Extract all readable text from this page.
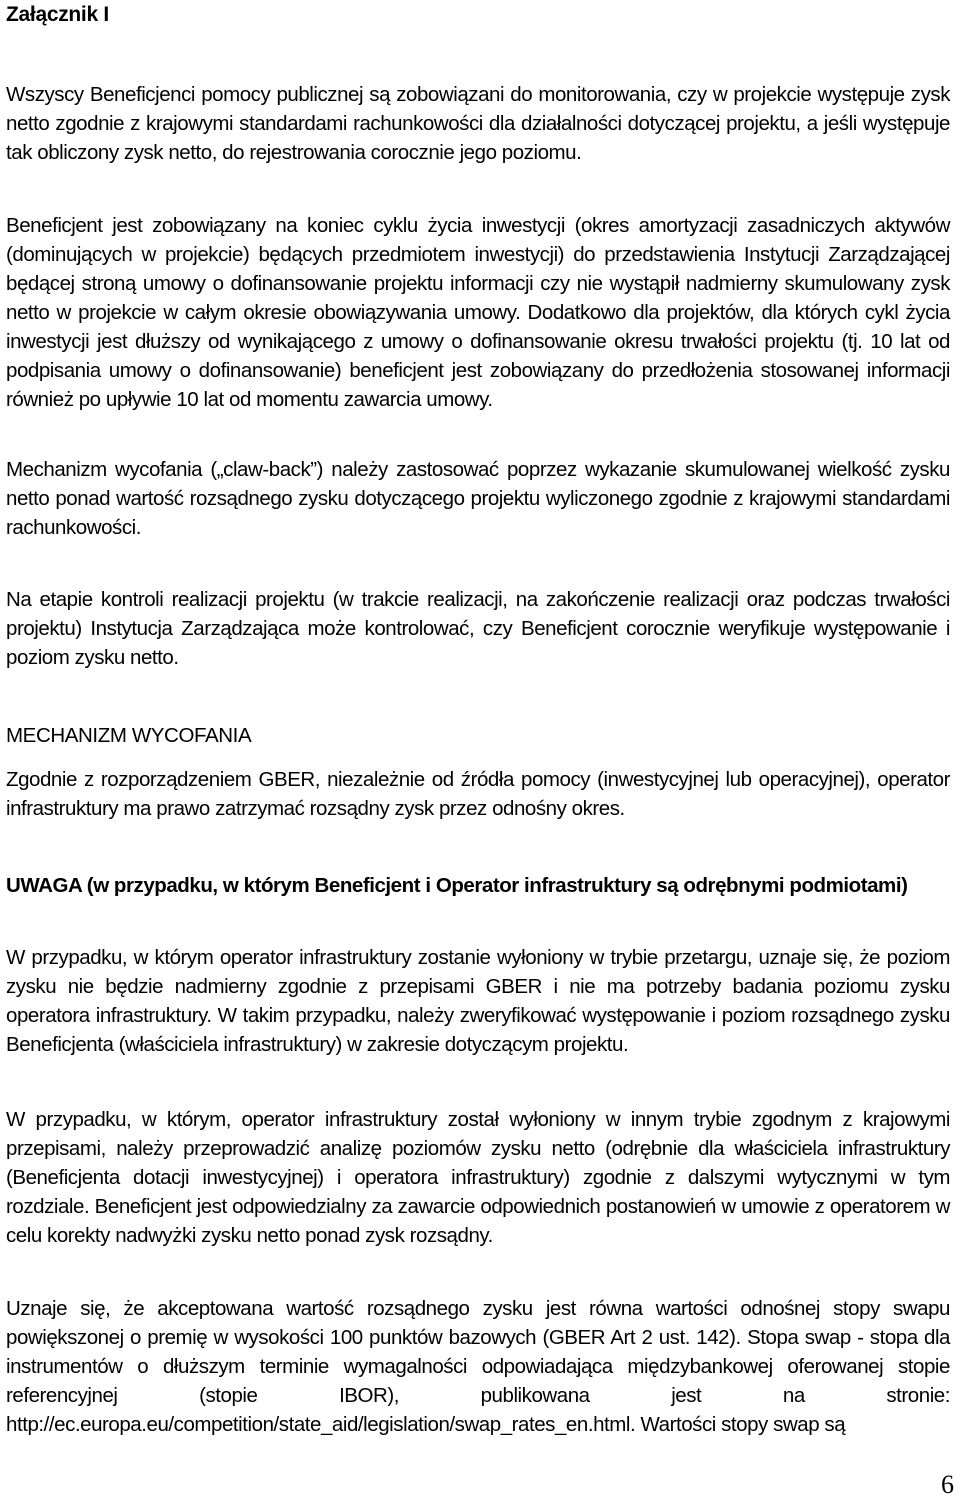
Załącznik I
Wszyscy Beneficjenci pomocy publicznej są zobowiązani do monitorowania, czy w projekcie występuje zysk netto zgodnie z krajowymi standardami rachunkowości dla działalności dotyczącej projektu, a jeśli występuje tak obliczony zysk netto, do rejestrowania corocznie jego poziomu.
Beneficjent jest zobowiązany na koniec cyklu życia inwestycji (okres amortyzacji zasadniczych aktywów (dominujących w projekcie) będących przedmiotem inwestycji) do przedstawienia Instytucji Zarządzającej będącej stroną umowy o dofinansowanie projektu informacji czy nie wystąpił nadmierny skumulowany zysk netto w projekcie w całym okresie obowiązywania umowy. Dodatkowo dla projektów, dla których cykl życia inwestycji jest dłuższy od wynikającego z umowy o dofinansowanie okresu trwałości projektu (tj. 10 lat od podpisania umowy o dofinansowanie) beneficjent jest zobowiązany do przedłożenia stosowanej informacji również po upływie 10 lat od momentu zawarcia umowy.
Mechanizm wycofania („claw-back”) należy zastosować poprzez wykazanie skumulowanej wielkość zysku netto ponad wartość rozsądnego zysku dotyczącego projektu wyliczonego zgodnie z krajowymi standardami rachunkowości.
Na etapie kontroli realizacji projektu (w trakcie realizacji, na zakończenie realizacji oraz podczas trwałości projektu) Instytucja Zarządzająca może kontrolować, czy Beneficjent corocznie weryfikuje występowanie i poziom zysku netto.
MECHANIZM WYCOFANIA
Zgodnie z rozporządzeniem GBER, niezależnie od źródła pomocy (inwestycyjnej lub operacyjnej), operator infrastruktury ma prawo zatrzymać rozsądny zysk przez odnośny okres.
UWAGA (w przypadku, w którym Beneficjent i Operator infrastruktury są odrębnymi podmiotami)
W przypadku, w którym operator infrastruktury zostanie wyłoniony w trybie przetargu, uznaje się, że poziom zysku nie będzie nadmierny zgodnie z przepisami GBER i nie ma potrzeby badania poziomu zysku operatora infrastruktury. W takim przypadku, należy zweryfikować występowanie i poziom rozsądnego zysku Beneficjenta (właściciela infrastruktury) w zakresie dotyczącym projektu.
W przypadku, w którym, operator infrastruktury został wyłoniony w innym trybie zgodnym z krajowymi przepisami, należy przeprowadzić analizę poziomów zysku netto (odrębnie dla właściciela infrastruktury (Beneficjenta dotacji inwestycyjnej) i operatora infrastruktury) zgodnie z dalszymi wytycznymi w tym rozdziale. Beneficjent jest odpowiedzialny za zawarcie odpowiednich postanowień w umowie z operatorem w celu korekty nadwyżki zysku netto ponad zysk rozsądny.
Uznaje się, że akceptowana wartość rozsądnego zysku jest równa wartości odnośnej stopy swapu powiększonej o premię w wysokości 100 punktów bazowych (GBER Art 2 ust. 142). Stopa swap - stopa dla instrumentów o dłuższym terminie wymagalności odpowiadająca międzybankowej oferowanej stopie referencyjnej (stopie IBOR), publikowana jest na stronie: http://ec.europa.eu/competition/state_aid/legislation/swap_rates_en.html. Wartości stopy swap są
6
